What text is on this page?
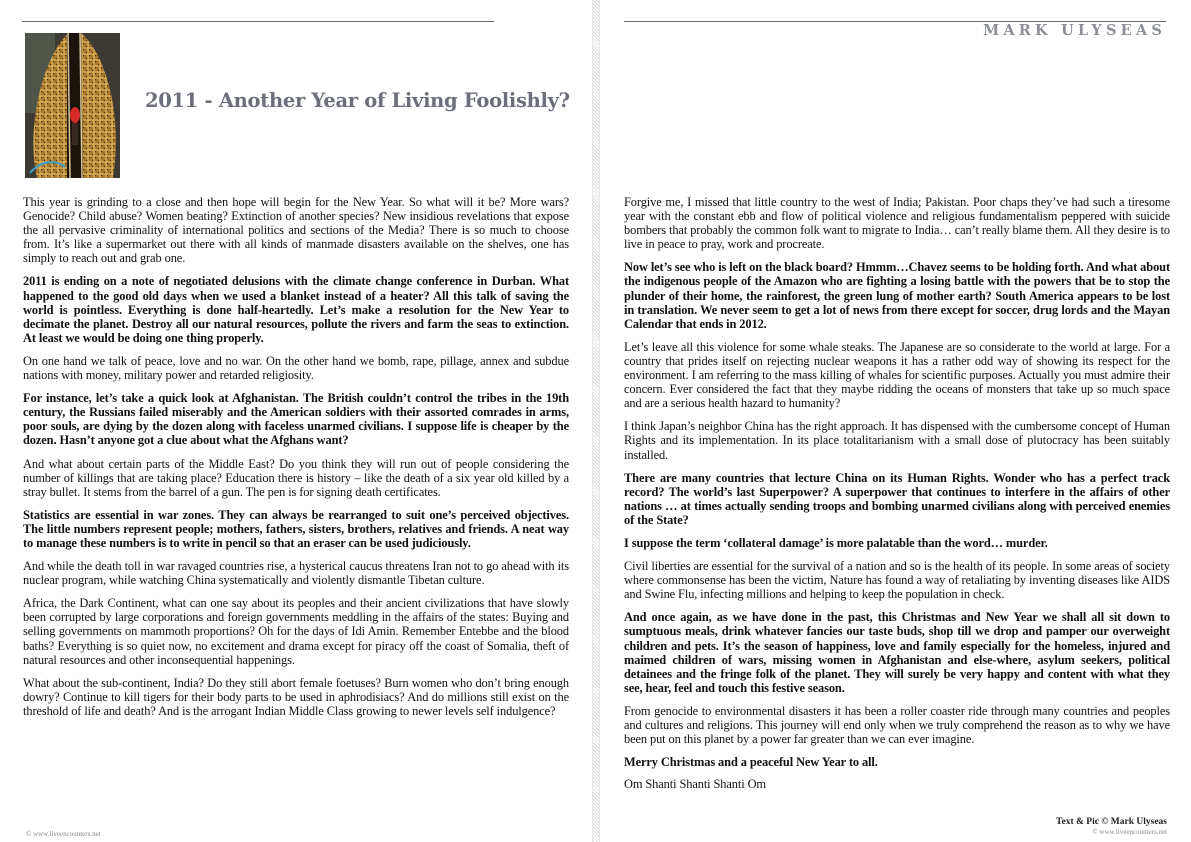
2011 - Another Year of Living Foolishly?

This year is grinding to a close and then hope will begin for the New Year. So what will it be? More wars? Genocide? Child abuse? Women beating? Extinction of another species? New insidious revelations that expose the all pervasive criminality of international politics and sections of the Media? There is so much to choose from. It’s like a supermarket out there with all kinds of manmade disasters available on the shelves, one has simply to reach out and grab one.

2011 is ending on a note of negotiated delusions with the climate change conference in Durban. What happened to the good old days when we used a blanket instead of a heater? All this talk of saving the world is pointless. Everything is done half-heartedly. Let’s make a resolution for the New Year to decimate the planet. Destroy all our natural resources, pollute the rivers and farm the seas to extinction. At least we would be doing one thing properly.

On one hand we talk of peace, love and no war. On the other hand we bomb, rape, pillage, annex and subdue nations with money, military power and retarded religiosity.

For instance, let’s take a quick look at Afghanistan. The British couldn’t control the tribes in the 19th century, the Russians failed miserably and the American soldiers with their assorted comrades in arms, poor souls, are dying by the dozen along with faceless unarmed civilians. I suppose life is cheaper by the dozen. Hasn’t anyone got a clue about what the Afghans want?

And what about certain parts of the Middle East? Do you think they will run out of people considering the number of killings that are taking place? Education there is history – like the death of a six year old killed by a stray bullet. It stems from the barrel of a gun. The pen is for signing death certificates.

Statistics are essential in war zones. They can always be rearranged to suit one’s perceived objectives. The little numbers represent people; mothers, fathers, sisters, brothers, relatives and friends. A neat way to manage these numbers is to write in pencil so that an eraser can be used judiciously.

And while the death toll in war ravaged countries rise, a hysterical caucus threatens Iran not to go ahead with its nuclear program, while watching China systematically and violently dismantle Tibetan culture.

Africa, the Dark Continent, what can one say about its peoples and their ancient civilizations that have slowly been corrupted by large corporations and foreign governments meddling in the affairs of the states: Buying and selling governments on mammoth proportions? Oh for the days of Idi Amin. Remember Entebbe and the blood baths? Everything is so quiet now, no excitement and drama except for piracy off the coast of Somalia, theft of natural resources and other inconsequential happenings.

What about the sub-continent, India? Do they still abort female foetuses? Burn women who don’t bring enough dowry? Continue to kill tigers for their body parts to be used in aphrodisiacs? And do millions still exist on the threshold of life and death? And is the arrogant Indian Middle Class growing to newer levels self indulgence?

© www.liveencounters.net
MARK ULYSEAS

Forgive me, I missed that little country to the west of India; Pakistan. Poor chaps they’ve had such a tiresome year with the constant ebb and flow of political violence and religious fundamentalism peppered with suicide bombers that probably the common folk want to migrate to India… can’t really blame them. All they desire is to live in peace to pray, work and procreate.

Now let’s see who is left on the black board? Hmmm…Chavez seems to be holding forth. And what about the indigenous people of the Amazon who are fighting a losing battle with the powers that be to stop the plunder of their home, the rainforest, the green lung of mother earth? South America appears to be lost in translation. We never seem to get a lot of news from there except for soccer, drug lords and the Mayan Calendar that ends in 2012.

Let’s leave all this violence for some whale steaks. The Japanese are so considerate to the world at large. For a country that prides itself on rejecting nuclear weapons it has a rather odd way of showing its respect for the environment. I am referring to the mass killing of whales for scientific purposes. Actually you must admire their concern. Ever considered the fact that they maybe ridding the oceans of monsters that take up so much space and are a serious health hazard to humanity?

I think Japan’s neighbor China has the right approach. It has dispensed with the cumbersome concept of Human Rights and its implementation. In its place totalitarianism with a small dose of plutocracy has been suitably installed.

There are many countries that lecture China on its Human Rights. Wonder who has a perfect track record? The world’s last Superpower? A superpower that continues to interfere in the affairs of other nations … at times actually sending troops and bombing unarmed civilians along with perceived enemies of the State?

I suppose the term ‘collateral damage’ is more palatable than the word… murder.

Civil liberties are essential for the survival of a nation and so is the health of its people. In some areas of society where commonsense has been the victim, Nature has found a way of retaliating by inventing diseases like AIDS and Swine Flu, infecting millions and helping to keep the population in check.

And once again, as we have done in the past, this Christmas and New Year we shall all sit down to sumptuous meals, drink whatever fancies our taste buds, shop till we drop and pamper our overweight children and pets. It’s the season of happiness, love and family especially for the homeless, injured and maimed children of wars, missing women in Afghanistan and else-where, asylum seekers, political detainees and the fringe folk of the planet. They will surely be very happy and content with what they see, hear, feel and touch this festive season.

From genocide to environmental disasters it has been a roller coaster ride through many countries and peoples and cultures and religions. This journey will end only when we truly comprehend the reason as to why we have been put on this planet by a power far greater than we can ever imagine.

Merry Christmas and a peaceful New Year to all.

Om Shanti Shanti Shanti Om

Text & Pic © Mark Ulyseas
© www.liveencounters.net
